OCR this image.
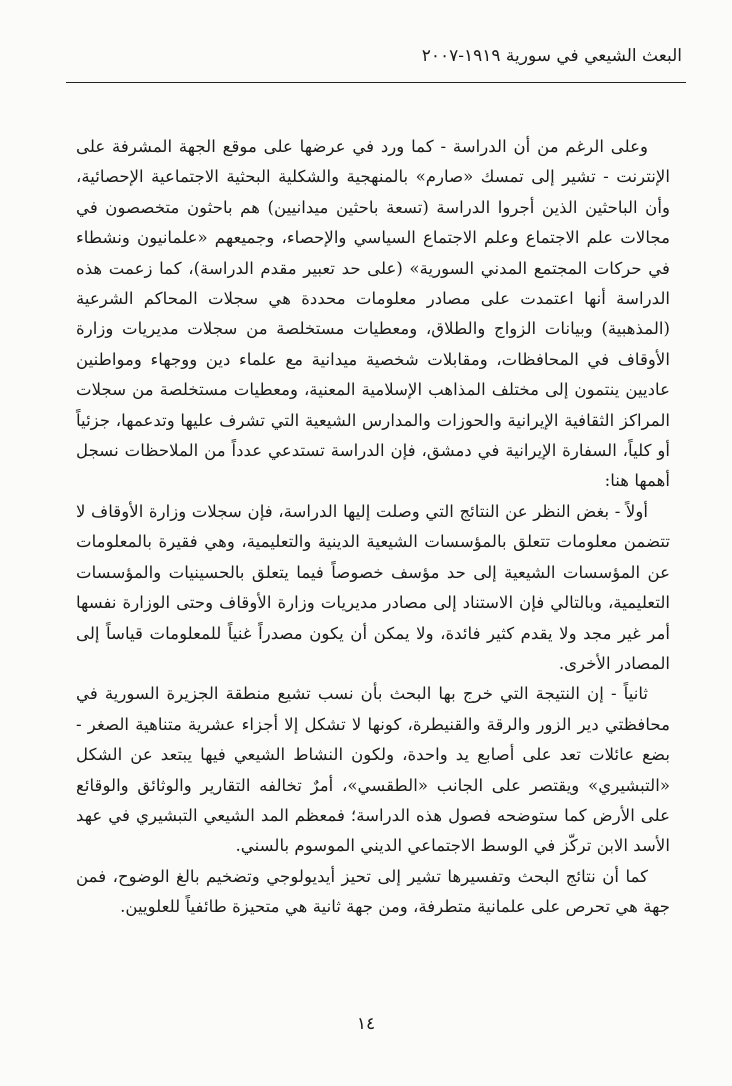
البعث الشيعي في سورية ١٩١٩-٢٠٠٧

وعلى الرغم من أن الدراسة - كما ورد في عرضها على موقع الجهة المشرفة على الإنترنت - تشير إلى تمسك «صارم» بالمنهجية والشكلية البحثية الاجتماعية الإحصائية، وأن الباحثين الذين أجروا الدراسة (تسعة باحثين ميدانيين) هم باحثون متخصصون في مجالات علم الاجتماع وعلم الاجتماع السياسي والإحصاء، وجميعهم «علمانيون ونشطاء في حركات المجتمع المدني السورية» (على حد تعبير مقدم الدراسة)، كما زعمت هذه الدراسة أنها اعتمدت على مصادر معلومات محددة هي سجلات المحاكم الشرعية (المذهبية) وبيانات الزواج والطلاق، ومعطيات مستخلصة من سجلات مديريات وزارة الأوقاف في المحافظات، ومقابلات شخصية ميدانية مع علماء دين ووجهاء ومواطنين عاديين ينتمون إلى مختلف المذاهب الإسلامية المعنية، ومعطيات مستخلصة من سجلات المراكز الثقافية الإيرانية والحوزات والمدارس الشيعية التي تشرف عليها وتدعمها، جزئياً أو كلياً، السفارة الإيرانية في دمشق، فإن الدراسة تستدعي عدداً من الملاحظات نسجل أهمها هنا:

أولاً - بغض النظر عن النتائج التي وصلت إليها الدراسة، فإن سجلات وزارة الأوقاف لا تتضمن معلومات تتعلق بالمؤسسات الشيعية الدينية والتعليمية، وهي فقيرة بالمعلومات عن المؤسسات الشيعية إلى حد مؤسف خصوصاً فيما يتعلق بالحسينيات والمؤسسات التعليمية، وبالتالي فإن الاستناد إلى مصادر مديريات وزارة الأوقاف وحتى الوزارة نفسها أمر غير مجد ولا يقدم كثير فائدة، ولا يمكن أن يكون مصدراً غنياً للمعلومات قياساً إلى المصادر الأخرى.

ثانياً - إن النتيجة التي خرج بها البحث بأن نسب تشيع منطقة الجزيرة السورية في محافظتي دير الزور والرقة والقنيطرة، كونها لا تشكل إلا أجزاء عشرية متناهية الصغر - بضع عائلات تعد على أصابع يد واحدة، ولكون النشاط الشيعي فيها يبتعد عن الشكل «التبشيري» ويقتصر على الجانب «الطقسي»، أمرٌ تخالفه التقارير والوثائق والوقائع على الأرض كما ستوضحه فصول هذه الدراسة؛ فمعظم المد الشيعي التبشيري في عهد الأسد الابن تركّز في الوسط الاجتماعي الديني الموسوم بالسني.

كما أن نتائج البحث وتفسيرها تشير إلى تحيز أيديولوجي وتضخيم بالغ الوضوح، فمن جهة هي تحرص على علمانية متطرفة، ومن جهة ثانية هي متحيزة طائفياً للعلويين.

١٤
